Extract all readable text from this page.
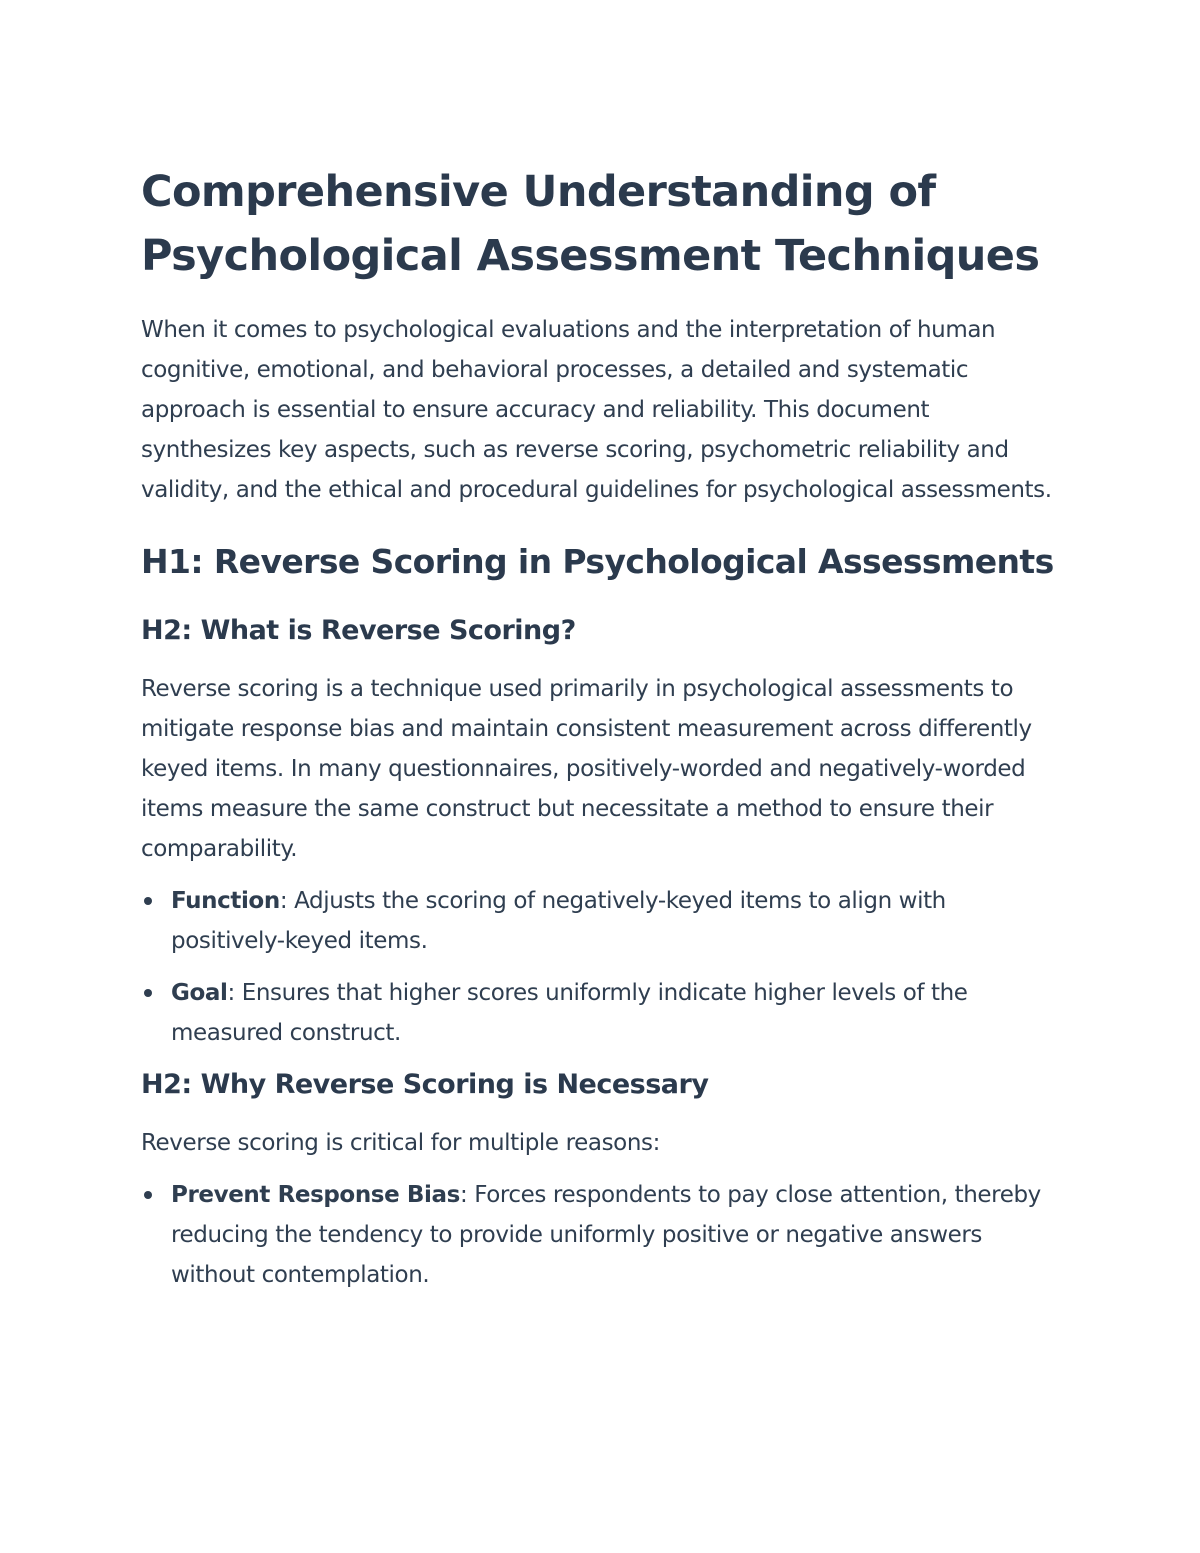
Comprehensive Understanding of Psychological Assessment Techniques

When it comes to psychological evaluations and the interpretation of human cognitive, emotional, and behavioral processes, a detailed and systematic approach is essential to ensure accuracy and reliability. This document synthesizes key aspects, such as reverse scoring, psychometric reliability and validity, and the ethical and procedural guidelines for psychological assessments.

H1: Reverse Scoring in Psychological Assessments
H2: What is Reverse Scoring?

Reverse scoring is a technique used primarily in psychological assessments to mitigate response bias and maintain consistent measurement across differently keyed items. In many questionnaires, positively-worded and negatively-worded items measure the same construct but necessitate a method to ensure their comparability.

Function: Adjusts the scoring of negatively-keyed items to align with positively-keyed items.
Goal: Ensures that higher scores uniformly indicate higher levels of the measured construct.
H2: Why Reverse Scoring is Necessary

Reverse scoring is critical for multiple reasons:

Prevent Response Bias: Forces respondents to pay close attention, thereby reducing the tendency to provide uniformly positive or negative answers without contemplation.
